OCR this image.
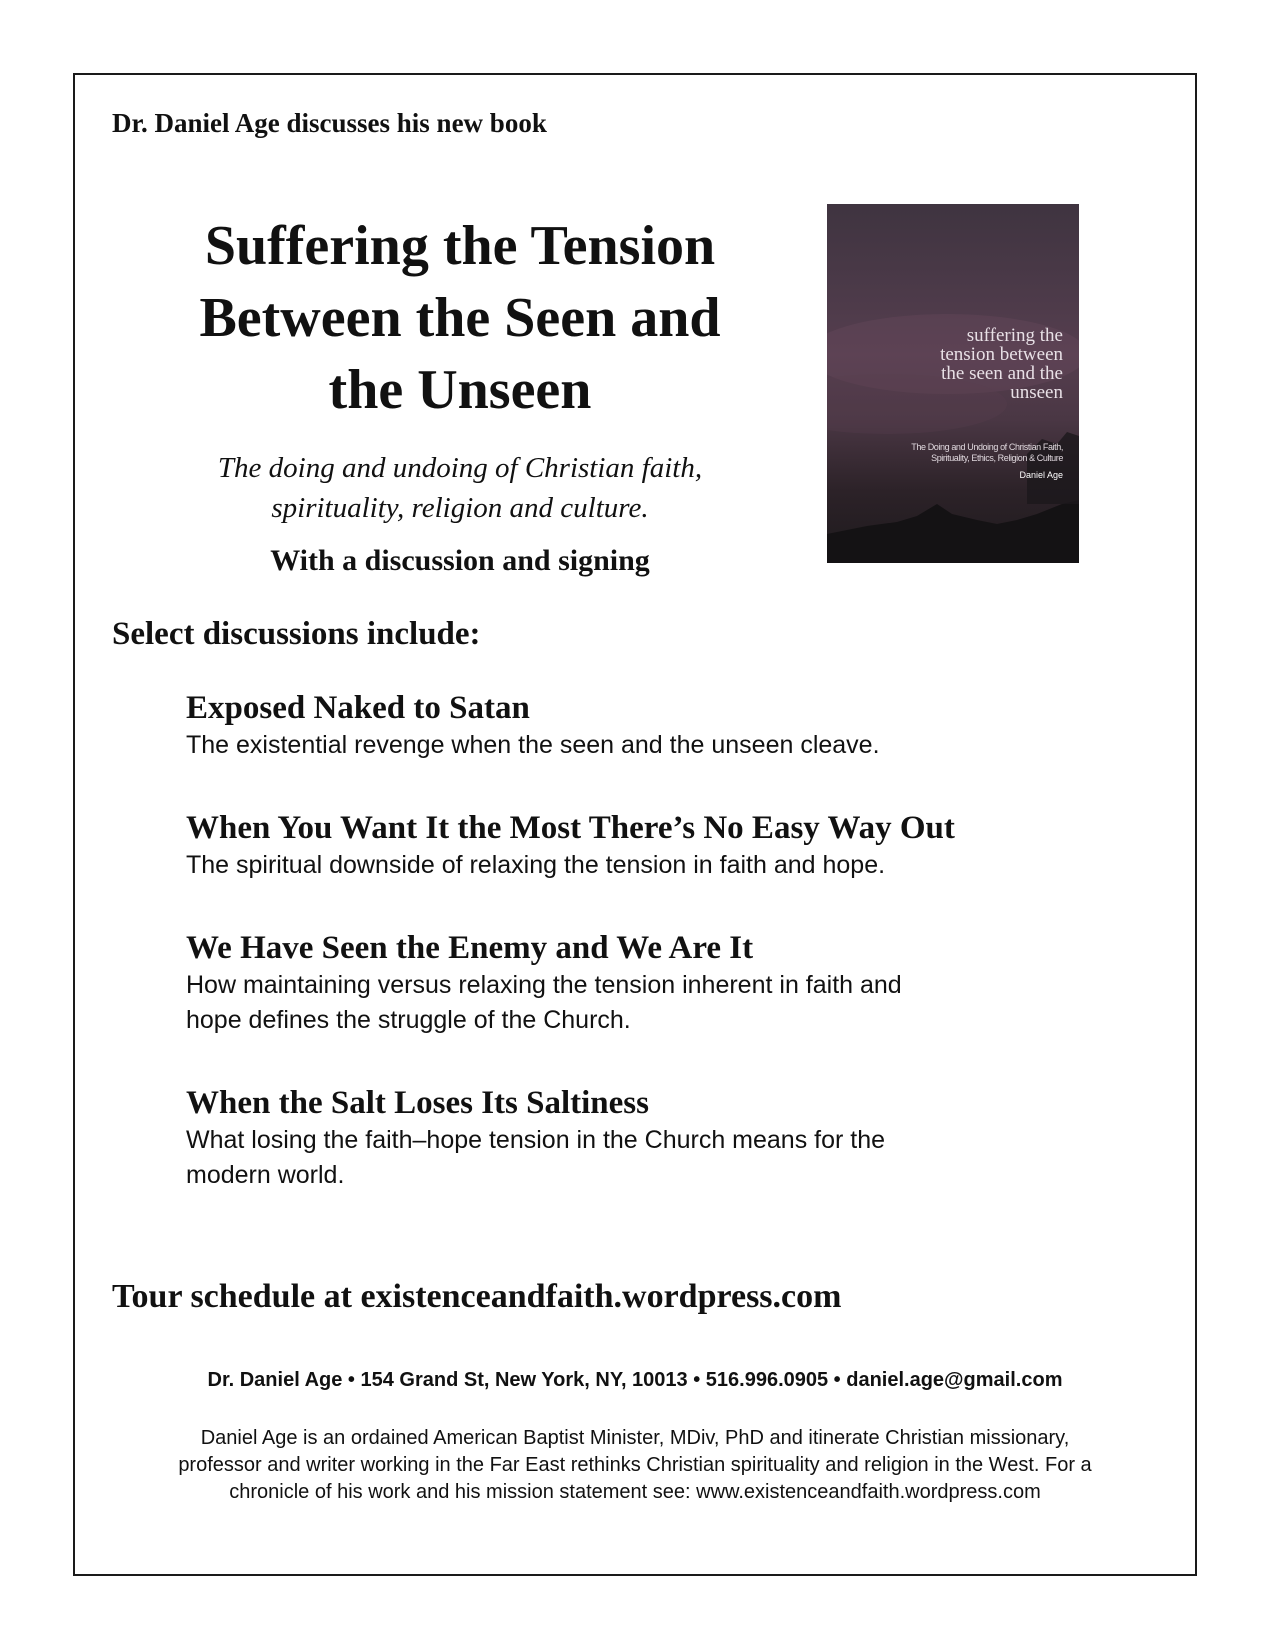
Dr. Daniel Age discusses his new book

Suffering the Tension
Between the Seen and
the Unseen

The doing and undoing of Christian faith,
spirituality, religion and culture.

With a discussion and signing

suffering the
tension between
the seen and the
unseen

The Doing and Undoing of Christian Faith,
Spirituality, Ethics, Religion & Culture

Daniel Age

Select discussions include:
Exposed Naked to Satan

The existential revenge when the seen and the unseen cleave.

When You Want It the Most There’s No Easy Way Out

The spiritual downside of relaxing the tension in faith and hope.

We Have Seen the Enemy and We Are It

How maintaining versus relaxing the tension inherent in faith and
hope defines the struggle of the Church.

When the Salt Loses Its Saltiness

What losing the faith–hope tension in the Church means for the
modern world.

Tour schedule at existenceandfaith.wordpress.com

Dr. Daniel Age • 154 Grand St, New York, NY, 10013 • 516.996.0905 • daniel.age@gmail.com

Daniel Age is an ordained American Baptist Minister, MDiv, PhD and itinerate Christian missionary,
professor and writer working in the Far East rethinks Christian spirituality and religion in the West. For a
chronicle of his work and his mission statement see: www.existenceandfaith.wordpress.com
